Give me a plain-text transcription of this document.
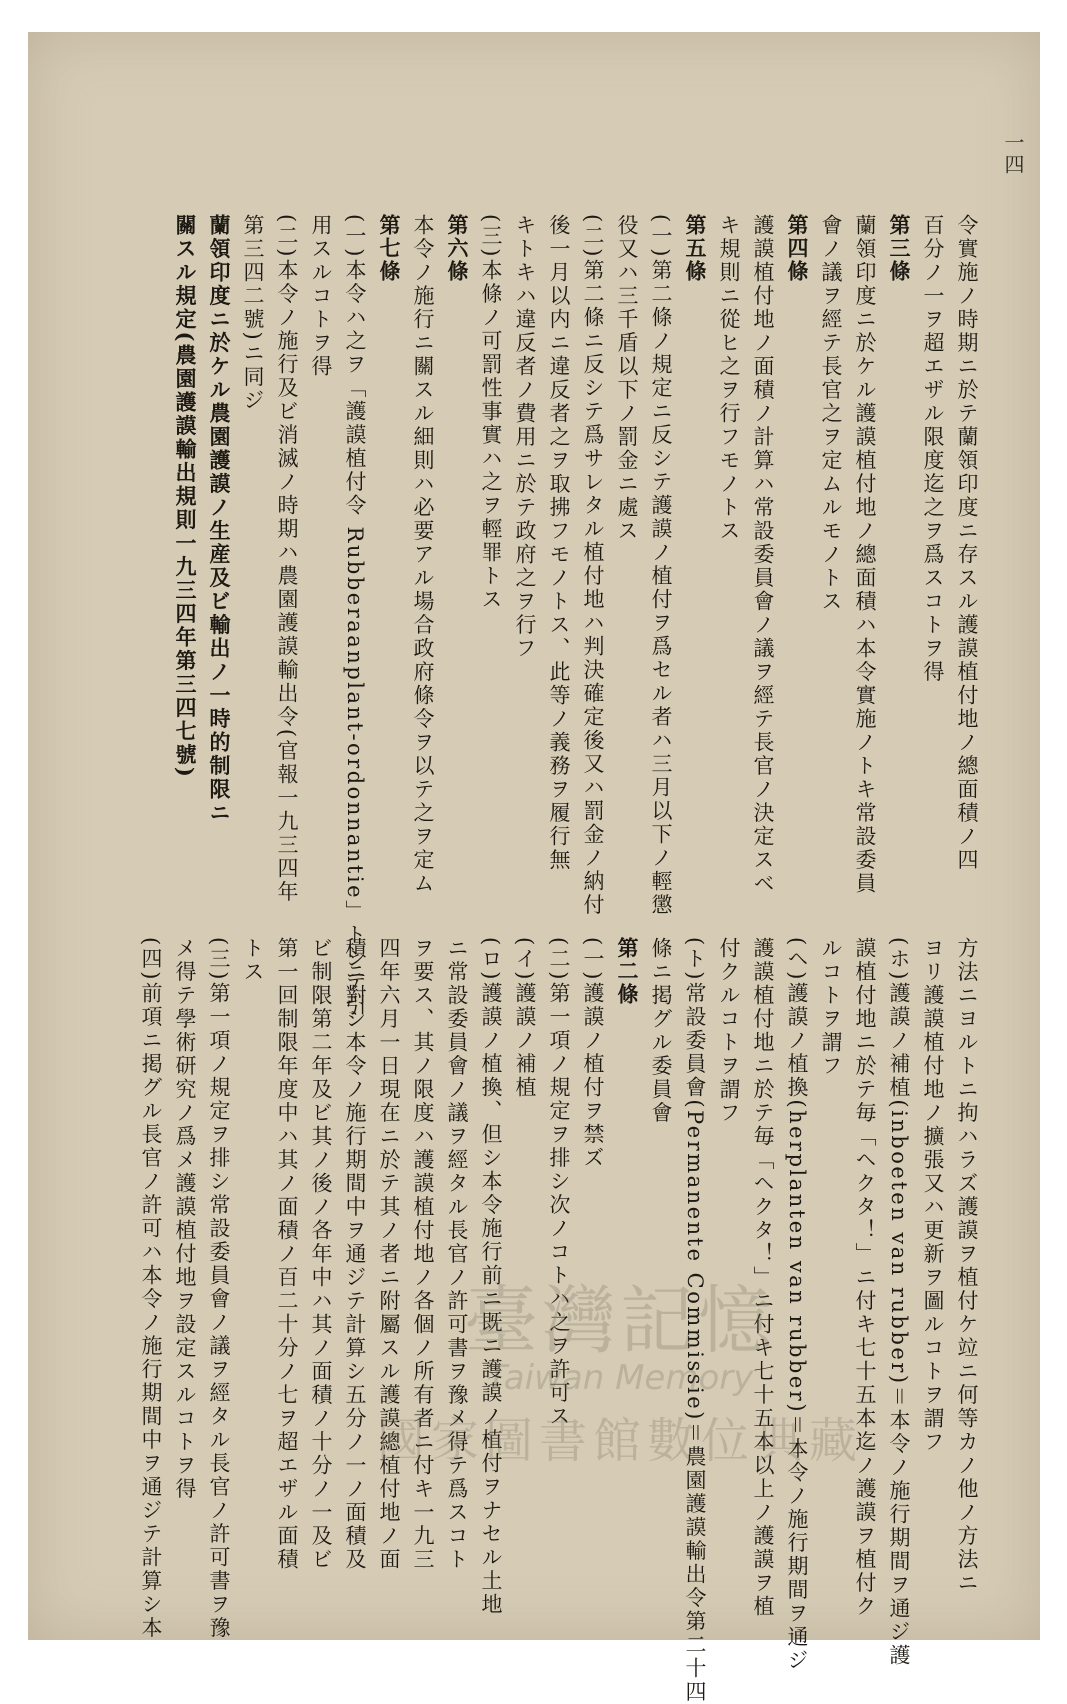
一四
令實施ノ時期ニ於テ蘭領印度ニ存スル護謨植付地ノ總面積ノ四
百分ノ一ヲ超エザル限度迄之ヲ爲スコトヲ得
第三條
蘭領印度ニ於ケル護謨植付地ノ總面積ハ本令實施ノトキ常設委員
會ノ議ヲ經テ長官之ヲ定ムルモノトス
第四條
護謨植付地ノ面積ノ計算ハ常設委員會ノ議ヲ經テ長官ノ決定スベ
キ規則ニ從ヒ之ヲ行フモノトス
第五條
(一)第二條ノ規定ニ反シテ護謨ノ植付ヲ爲セル者ハ三月以下ノ輕懲
役又ハ三千盾以下ノ罰金ニ處ス
(二)第二條ニ反シテ爲サレタル植付地ハ判決確定後又ハ罰金ノ納付
後一月以内ニ違反者之ヲ取拂フモノトス、此等ノ義務ヲ履行無
キトキハ違反者ノ費用ニ於テ政府之ヲ行フ
(三)本條ノ可罰性事實ハ之ヲ輕罪トス
第六條
本令ノ施行ニ關スル細則ハ必要アル場合政府條令ヲ以テ之ヲ定ム
第七條
(一)本令ハ之ヲ「護謨植付令 Rubberaanplant-ordonnantie」トシテ引
用スルコトヲ得
(二)本令ノ施行及ビ消滅ノ時期ハ農園護謨輸出令(官報一九三四年
第三四二號)ニ同ジ
蘭領印度ニ於ケル農園護謨ノ生産及ビ輸出ノ一時的制限ニ
關スル規定(農園護謨輸出規則一九三四年第三四七號)
方法ニヨルトニ拘ハラズ護謨ヲ植付ケ竝ニ何等カノ他ノ方法ニ
ヨリ護謨植付地ノ擴張又ハ更新ヲ圖ルコトヲ謂フ
(ホ)護謨ノ補植(inboeten van rubber)＝本令ノ施行期間ヲ通ジ護
謨植付地ニ於テ毎「ヘクタ！」ニ付キ七十五本迄ノ護謨ヲ植付ク
ルコトヲ謂フ
(ヘ)護謨ノ植換(herplanten van rubber)＝本令ノ施行期間ヲ通ジ
護謨植付地ニ於テ毎「ヘクタ！」ニ付キ七十五本以上ノ護謨ヲ植
付クルコトヲ謂フ
(ト)常設委員會(Permanente Commissie)＝農園護謨輸出令第二十四
條ニ掲グル委員會
第二條
(一)護謨ノ植付ヲ禁ズ
(二)第一項ノ規定ヲ排シ次ノコトハ之ヲ許可ス
(イ)護謨ノ補植
(ロ)護謨ノ植換、但シ本令施行前ニ既ニ護謨ノ植付ヲナセル土地
ニ常設委員會ノ議ヲ經タル長官ノ許可書ヲ豫メ得テ爲スコト
ヲ要ス、其ノ限度ハ護謨植付地ノ各個ノ所有者ニ付キ一九三
四年六月一日現在ニ於テ其ノ者ニ附屬スル護謨總植付地ノ面
積ニ對シ本令ノ施行期間中ヲ通ジテ計算シ五分ノ一ノ面積及
ビ制限第二年及ビ其ノ後ノ各年中ハ其ノ面積ノ十分ノ一及ビ
第一回制限年度中ハ其ノ面積ノ百二十分ノ七ヲ超エザル面積
トス
(三)第一項ノ規定ヲ排シ常設委員會ノ議ヲ經タル長官ノ許可書ヲ豫
メ得テ學術研究ノ爲メ護謨植付地ヲ設定スルコトヲ得
(四)前項ニ掲グル長官ノ許可ハ本令ノ施行期間中ヲ通ジテ計算シ本	臺灣記憶
Taiwan Memory
國家圖書館數位典藏
